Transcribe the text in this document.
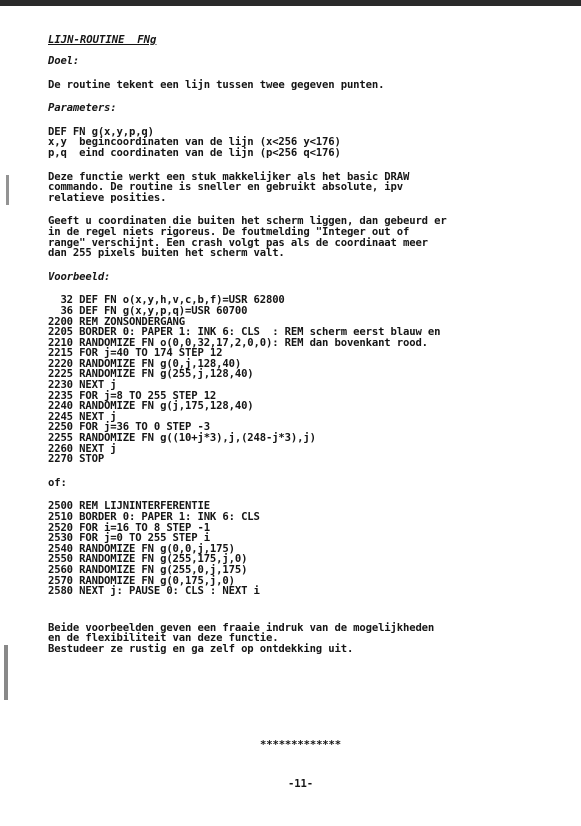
LIJN-ROUTINE  FNg
Doel:
De routine tekent een lijn tussen twee gegeven punten.
Parameters:
DEF FN g(x,y,p,q)
x,y  begincoordinaten van de lijn (x<256 y<176)
p,q  eind coordinaten van de lijn (p<256 q<176)
Deze functie werkt een stuk makkelijker als het basic DRAW
commando. De routine is sneller en gebruikt absolute, ipv
relatieve posities.
Geeft u coordinaten die buiten het scherm liggen, dan gebeurd er
in de regel niets rigoreus. De foutmelding "Integer out of
range" verschijnt. Een crash volgt pas als de coordinaat meer
dan 255 pixels buiten het scherm valt.
Voorbeeld:
32 DEF FN o(x,y,h,v,c,b,f)=USR 62800
36 DEF FN g(x,y,p,q)=USR 60700
2200 REM ZONSONDERGANG
2205 BORDER 0: PAPER 1: INK 6: CLS  : REM scherm eerst blauw en
2210 RANDOMIZE FN o(0,0,32,17,2,0,0): REM dan bovenkant rood.
2215 FOR j=40 TO 174 STEP 12
2220 RANDOMIZE FN g(0,j,128,40)
2225 RANDOMIZE FN g(255,j,128,40)
2230 NEXT j
2235 FOR j=8 TO 255 STEP 12
2240 RANDOMIZE FN g(j,175,128,40)
2245 NEXT j
2250 FOR j=36 TO 0 STEP -3
2255 RANDOMIZE FN g((10+j*3),j,(248-j*3),j)
2260 NEXT j
2270 STOP
of:
2500 REM LIJNINTERFERENTIE
2510 BORDER 0: PAPER 1: INK 6: CLS
2520 FOR i=16 TO 8 STEP -1
2530 FOR j=0 TO 255 STEP i
2540 RANDOMIZE FN g(0,0,j,175)
2550 RANDOMIZE FN g(255,175,j,0)
2560 RANDOMIZE FN g(255,0,j,175)
2570 RANDOMIZE FN g(0,175,j,0)
2580 NEXT j: PAUSE 0: CLS : NEXT i
Beide voorbeelden geven een fraaie indruk van de mogelijkheden
en de flexibiliteit van deze functie.
Bestudeer ze rustig en ga zelf op ontdekking uit.
*************
-11-
